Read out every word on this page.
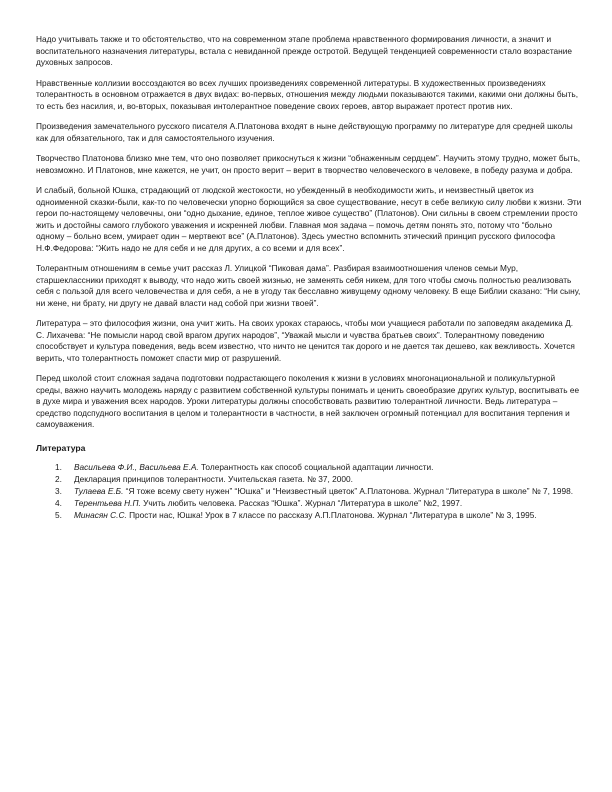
Надо учитывать также и то обстоятельство, что на современном этапе проблема нравственного формирования личности, а значит и воспитательного назначения литературы, встала с невиданной прежде остротой. Ведущей тенденцией современности стало возрастание духовных запросов.

Нравственные коллизии воссоздаются во всех лучших произведениях современной литературы. В художественных произведениях толерантность в основном отражается в двух видах: во-первых, отношения между людьми показываются такими, какими они должны быть, то есть без насилия, и, во-вторых, показывая интолерантное поведение своих героев, автор выражает протест против них.

Произведения замечательного русского писателя А.Платонова входят в ныне действующую программу по литературе для средней школы как для обязательного, так и для самостоятельного изучения.

Творчество Платонова близко мне тем, что оно позволяет прикоснуться к жизни “обнаженным сердцем”. Научить этому трудно, может быть, невозможно. И Платонов, мне кажется, не учит, он просто верит – верит в творчество человеческого в человеке, в победу разума и добра.

И слабый, больной Юшка, страдающий от людской жестокости, но убежденный в необходимости жить, и неизвестный цветок из одноименной сказки-были, как-то по человечески упорно борющийся за свое существование, несут в себе великую силу любви к жизни. Эти герои по-настоящему человечны, они “одно дыхание, единое, теплое живое существо” (Платонов). Они сильны в своем стремлении просто жить и достойны самого глубокого уважения и искренней любви. Главная моя задача – помочь детям понять это, потому что “больно одному – больно всем, умирает один – мертвеют все” (А.Платонов). Здесь уместно вспомнить этический принцип русского философа Н.Ф.Федорова: “Жить надо не для себя и не для других, а со всеми и для всех”.

Толерантным отношениям в семье учит рассказ Л. Улицкой “Пиковая дама”. Разбирая взаимоотношения членов семьи Мур, старшеклассники приходят к выводу, что надо жить своей жизнью, не заменять себя никем, для того чтобы смочь полностью реализовать себя с пользой для всего человечества и для себя, а не в угоду так бесславно живущему одному человеку. В еще Библии сказано: “Ни сыну, ни жене, ни брату, ни другу не давай власти над собой при жизни твоей”.

Литература – это философия жизни, она учит жить. На своих уроках стараюсь, чтобы мои учащиеся работали по заповедям академика Д. С. Лихачева: “Не помысли народ свой врагом других народов”, “Уважай мысли и чувства братьев своих”. Толерантному поведению способствует и культура поведения, ведь всем известно, что ничто не ценится так дорого и не дается так дешево, как вежливость. Хочется верить, что толерантность поможет спасти мир от разрушений.

Перед школой стоит сложная задача подготовки подрастающего поколения к жизни в условиях многонациональной и поликультурной среды, важно научить молодежь наряду с развитием собственной культуры понимать и ценить своеобразие других культур, воспитывать ее в духе мира и уважения всех народов. Уроки литературы должны способствовать развитию толерантной личности. Ведь литература – средство подспудного воспитания в целом и толерантности в частности, в ней заключен огромный потенциал для воспитания терпения и самоуважения.

Литература
1. Васильева Ф.И., Васильева Е.А. Толерантность как способ социальной адаптации личности.
2. Декларация принципов толерантности. Учительская газета. № 37, 2000.
3. Тулаева Е.Б. “Я тоже всему свету нужен” “Юшка” и “Неизвестный цветок” А.Платонова. Журнал “Литература в школе” № 7, 1998.
4. Терентьева Н.П. Учить любить человека. Рассказ “Юшка”. Журнал “Литература в школе” №2, 1997.
5. Минасян С.С. Прости нас, Юшка! Урок в 7 классе по рассказу А.П.Платонова. Журнал “Литература в школе” № 3, 1995.
